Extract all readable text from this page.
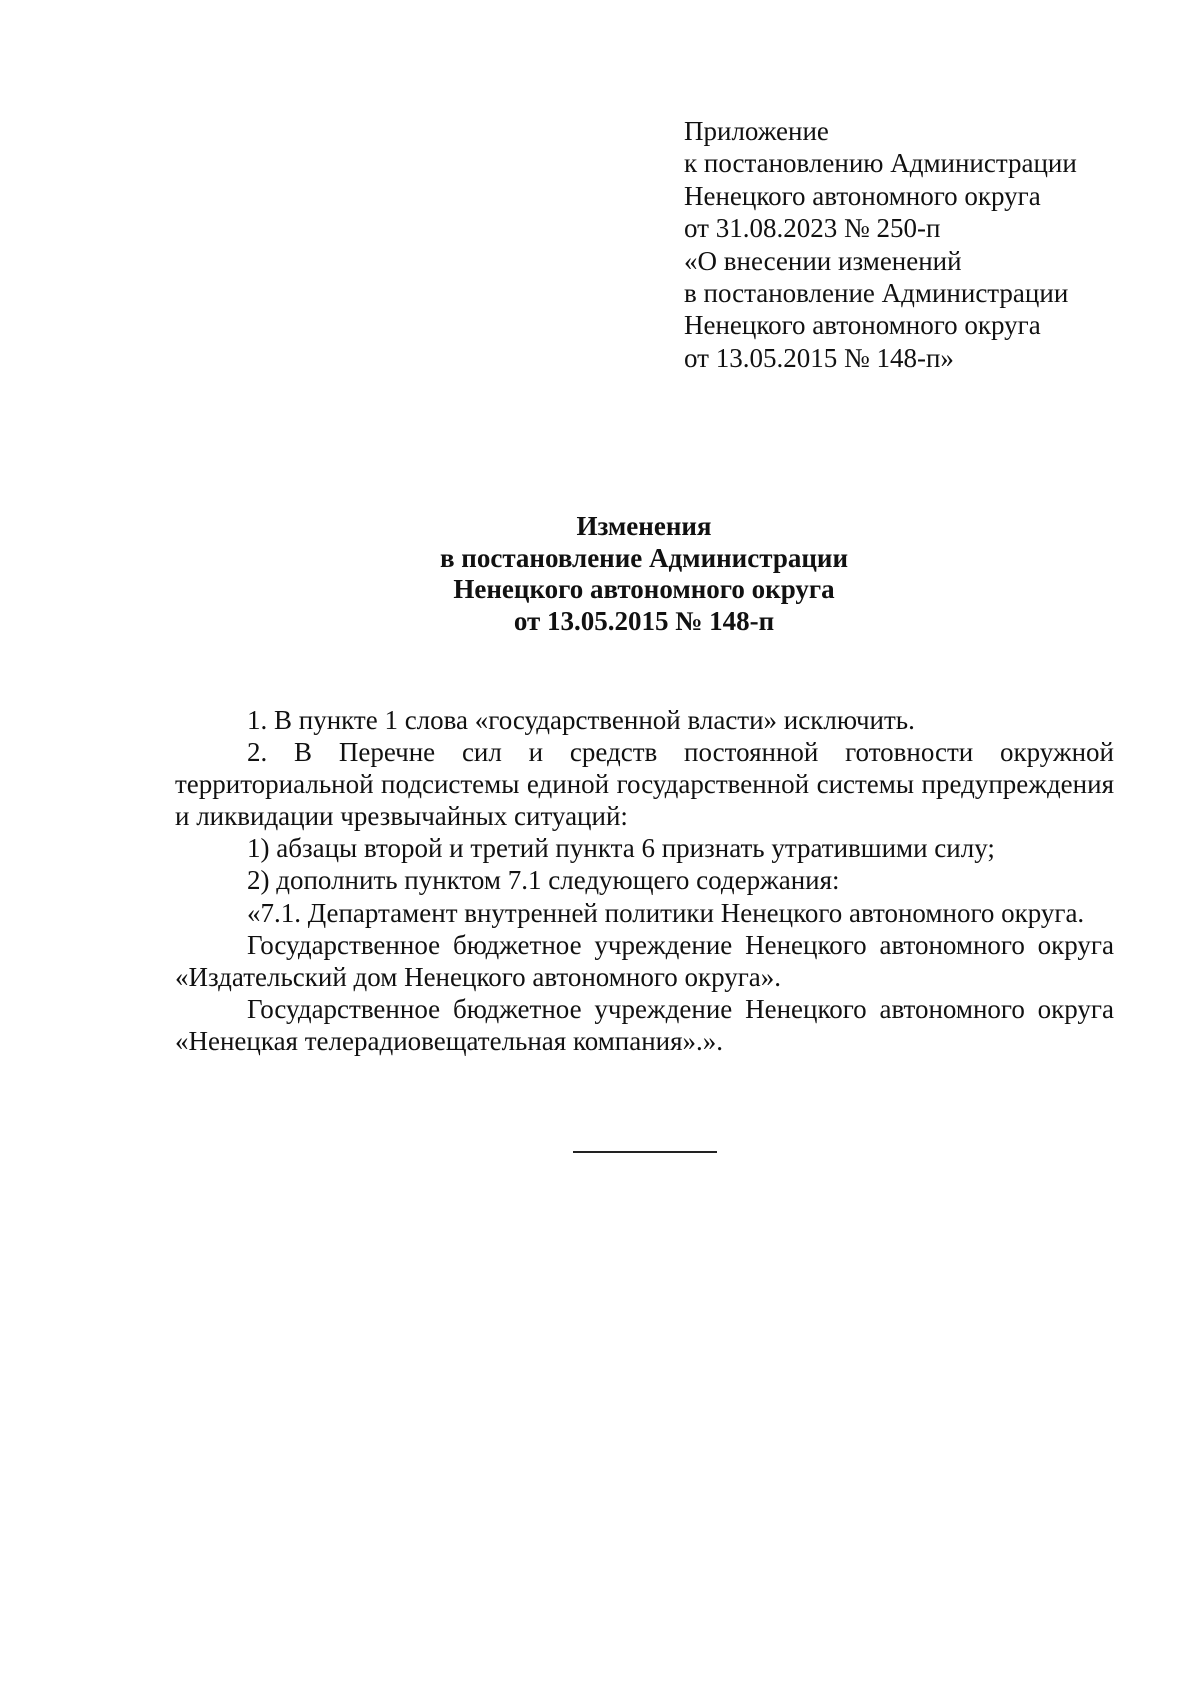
Приложение
к постановлению Администрации
Ненецкого автономного округа
от 31.08.2023 № 250-п
«О внесении изменений
в постановление Администрации
Ненецкого автономного округа
от 13.05.2015 № 148-п»
Изменения
в постановление Администрации
Ненецкого автономного округа
от 13.05.2015 № 148-п

1. В пункте 1 слова «государственной власти» исключить.

2. В Перечне сил и средств постоянной готовности окружной территориальной подсистемы единой государственной системы предупреждения и ликвидации чрезвычайных ситуаций:

1) абзацы второй и третий пункта 6 признать утратившими силу;

2) дополнить пунктом 7.1 следующего содержания:

«7.1. Департамент внутренней политики Ненецкого автономного округа.

Государственное бюджетное учреждение Ненецкого автономного округа «Издательский дом Ненецкого автономного округа».

Государственное бюджетное учреждение Ненецкого автономного округа «Ненецкая телерадиовещательная компания».».
